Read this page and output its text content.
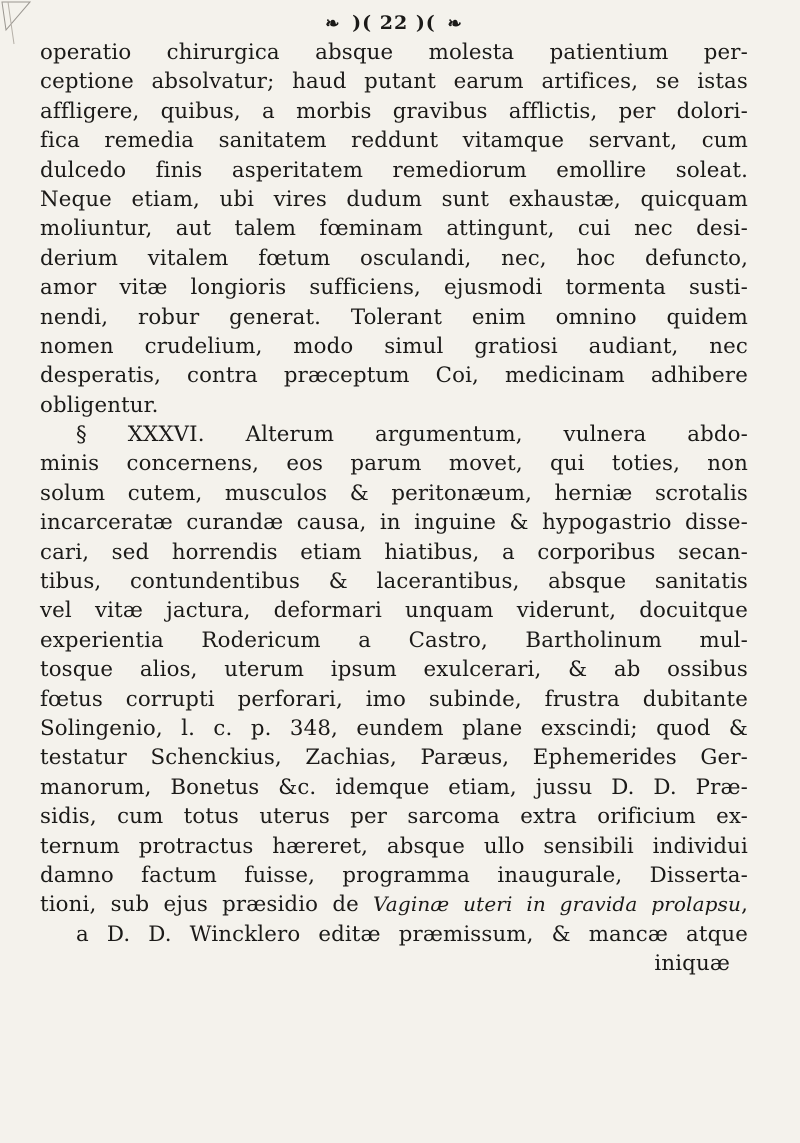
❧ )( 22 )( ❧
operatio chirurgica absque molesta patientium per-
ceptione absolvatur; haud putant earum artifices, se istas
affligere, quibus, a morbis gravibus afflictis, per dolori-
fica remedia sanitatem reddunt vitamque servant, cum
dulcedo finis asperitatem remediorum emollire soleat.
Neque etiam, ubi vires dudum sunt exhaustæ, quicquam
moliuntur, aut talem fœminam attingunt, cui nec desi-
derium vitalem fœtum osculandi, nec, hoc defuncto,
amor vitæ longioris sufficiens, ejusmodi tormenta susti-
nendi, robur generat. Tolerant enim omnino quidem
nomen crudelium, modo simul gratiosi audiant, nec
desperatis, contra præceptum Coi, medicinam adhibere
obligentur.
§ XXXVI. Alterum argumentum, vulnera abdo-
minis concernens, eos parum movet, qui toties, non
solum cutem, musculos & peritonæum, herniæ scrotalis
incarceratæ curandæ causa, in inguine & hypogastrio disse-
cari, sed horrendis etiam hiatibus, a corporibus secan-
tibus, contundentibus & lacerantibus, absque sanitatis
vel vitæ jactura, deformari unquam viderunt, docuitque
experientia Rodericum a Castro, Bartholinum mul-
tosque alios, uterum ipsum exulcerari, & ab ossibus
fœtus corrupti perforari, imo subinde, frustra dubitante
Solingenio, l. c. p. 348, eundem plane exscindi; quod &
testatur Schenckius, Zachias, Paræus, Ephemerides Ger-
manorum, Bonetus &c. idemque etiam, jussu D. D. Præ-
sidis, cum totus uterus per sarcoma extra orificium ex-
ternum protractus hæreret, absque ullo sensibili individui
damno factum fuisse, programma inaugurale, Disserta-
tioni, sub ejus præsidio de Vaginæ uteri in gravida prolapsu,
a D. D. Winckl​ero editæ præmissum, & mancæ atque
iniquæ
